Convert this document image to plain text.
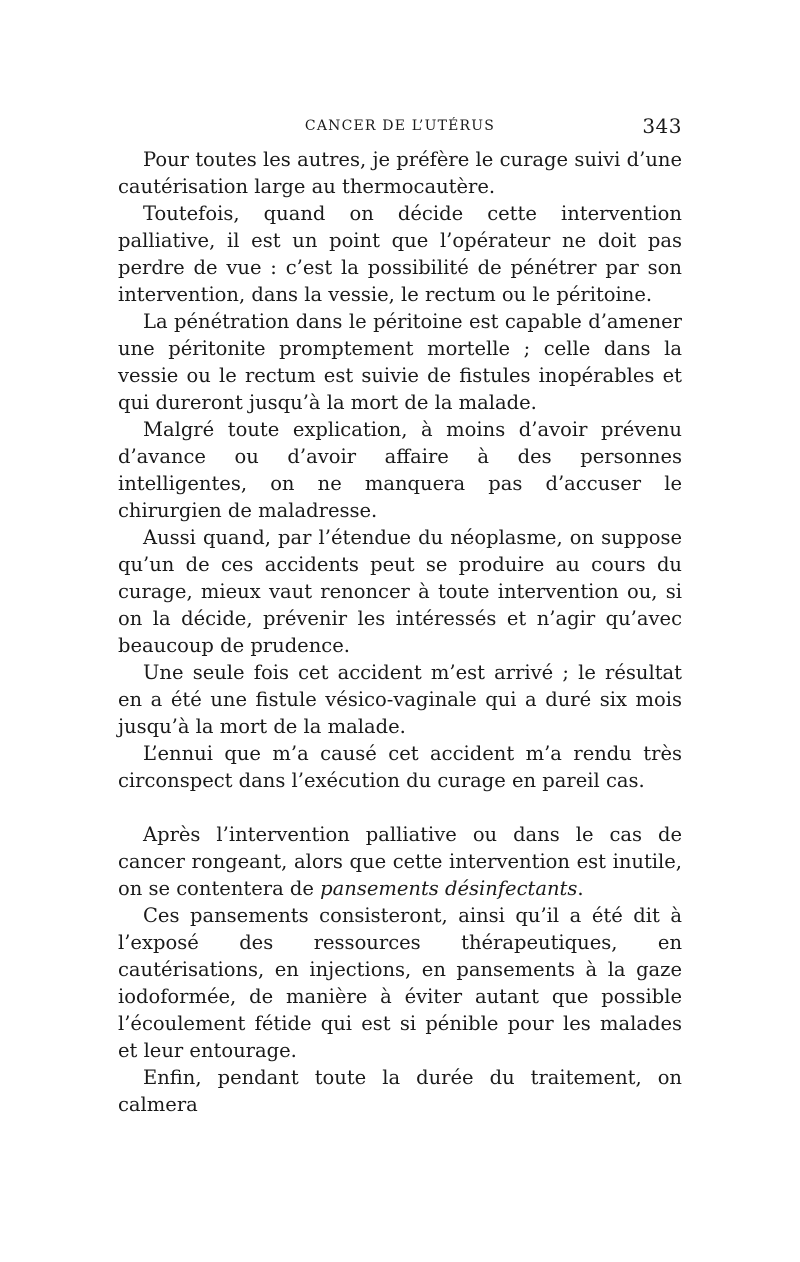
CANCER DE L’UTÉRUS	343

Pour toutes les autres, je préfère le curage suivi d’une cautérisation large au thermocautère.

Toutefois, quand on décide cette intervention palliative, il est un point que l’opérateur ne doit pas perdre de vue : c’est la possibilité de pénétrer par son intervention, dans la vessie, le rectum ou le péritoine.

La pénétration dans le péritoine est capable d’amener une péritonite promptement mortelle ; celle dans la vessie ou le rectum est suivie de fistules inopérables et qui dureront jusqu’à la mort de la malade.

Malgré toute explication, à moins d’avoir prévenu d’avance ou d’avoir affaire à des personnes intelligentes, on ne manquera pas d’accuser le chirurgien de maladresse.

Aussi quand, par l’étendue du néoplasme, on suppose qu’un de ces accidents peut se produire au cours du curage, mieux vaut renoncer à toute intervention ou, si on la décide, prévenir les intéressés et n’agir qu’avec beaucoup de prudence.

Une seule fois cet accident m’est arrivé ; le résultat en a été une fistule vésico-vaginale qui a duré six mois jusqu’à la mort de la malade.

L’ennui que m’a causé cet accident m’a rendu très circonspect dans l’exécution du curage en pareil cas.

Après l’intervention palliative ou dans le cas de cancer rongeant, alors que cette intervention est inutile, on se contentera de pansements désinfectants.

Ces pansements consisteront, ainsi qu’il a été dit à l’exposé des ressources thérapeutiques, en cautérisations, en injections, en pansements à la gaze iodoformée, de manière à éviter autant que possible l’écoulement fétide qui est si pénible pour les malades et leur entourage.

Enfin, pendant toute la durée du traitement, on calmera
